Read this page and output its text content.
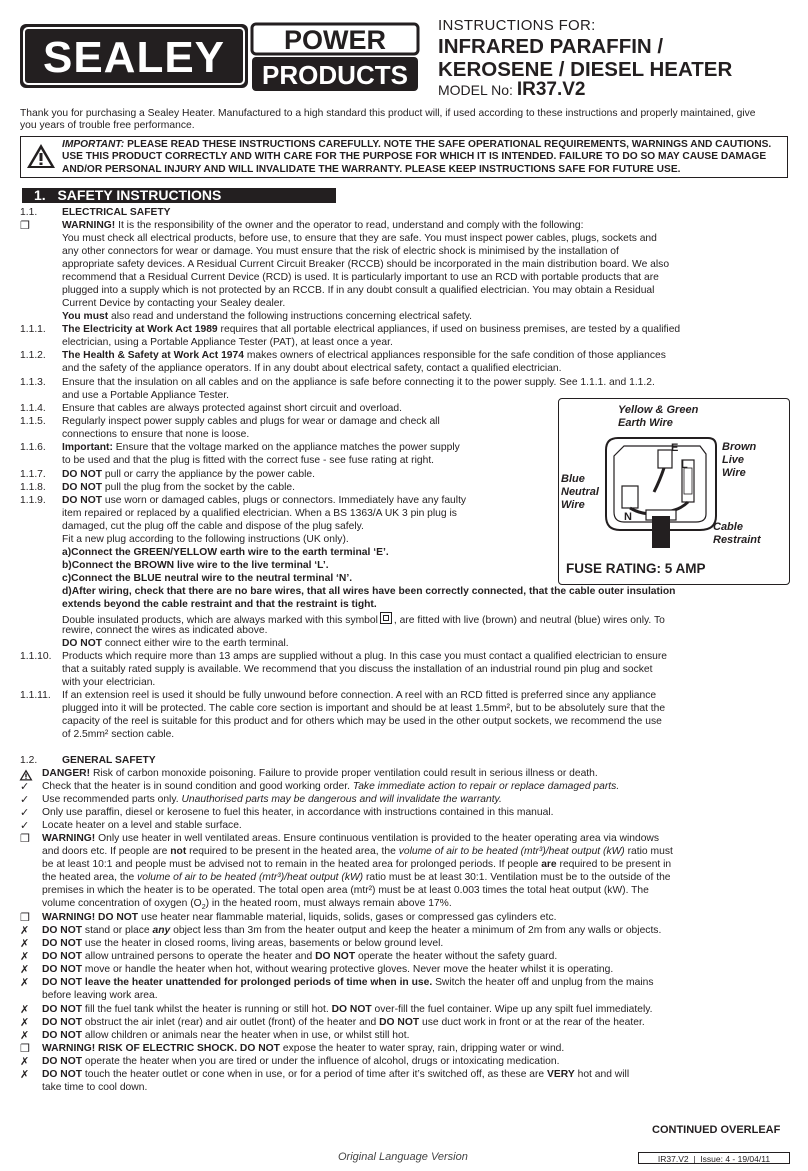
SEALEY POWER
PRODUCTS
INSTRUCTIONS FOR:
INFRARED PARAFFIN /
KEROSENE / DIESEL HEATER
MODEL No: IR37.V2
Thank you for purchasing a Sealey Heater. Manufactured to a high standard this product will, if used according to these instructions and properly maintained, give
you years of trouble free performance.
IMPORTANT: PLEASE READ THESE INSTRUCTIONS CAREFULLY. NOTE THE SAFE OPERATIONAL REQUIREMENTS, WARNINGS AND CAUTIONS.
USE THIS PRODUCT CORRECTLY AND WITH CARE FOR THE PURPOSE FOR WHICH IT IS INTENDED. FAILURE TO DO SO MAY CAUSE DAMAGE
AND/OR PERSONAL INJURY AND WILL INVALIDATE THE WARRANTY. PLEASE KEEP INSTRUCTIONS SAFE FOR FUTURE USE.
1. SAFETY INSTRUCTIONS
1.1. ELECTRICAL SAFETY
❐	WARNING! It is the responsibility of the owner and the operator to read, understand and comply with the following:
You must check all electrical products, before use, to ensure that they are safe. You must inspect power cables, plugs, sockets and
any other connectors for wear or damage. You must ensure that the risk of electric shock is minimised by the installation of
appropriate safety devices. A Residual Current Circuit Breaker (RCCB) should be incorporated in the main distribution board. We also
recommend that a Residual Current Device (RCD) is used. It is particularly important to use an RCD with portable products that are
plugged into a supply which is not protected by an RCCB. If in any doubt consult a qualified electrician. You may obtain a Residual
Current Device by contacting your Sealey dealer.
You must also read and understand the following instructions concerning electrical safety.
1.1.1. The Electricity at Work Act 1989 requires that all portable electrical appliances, if used on business premises, are tested by a qualified
electrician, using a Portable Appliance Tester (PAT), at least once a year.
1.1.2. The Health & Safety at Work Act 1974 makes owners of electrical appliances responsible for the safe condition of those appliances
and the safety of the appliance operators. If in any doubt about electrical safety, contact a qualified electrician.
1.1.3. Ensure that the insulation on all cables and on the appliance is safe before connecting it to the power supply. See 1.1.1. and 1.1.2.
and use a Portable Appliance Tester.
1.1.4. Ensure that cables are always protected against short circuit and overload.
1.1.5. Regularly inspect power supply cables and plugs for wear or damage and check all
connections to ensure that none is loose.
1.1.6. Important: Ensure that the voltage marked on the appliance matches the power supply
to be used and that the plug is fitted with the correct fuse - see fuse rating at right.
1.1.7. DO NOT pull or carry the appliance by the power cable.
1.1.8. DO NOT pull the plug from the socket by the cable.
1.1.9. DO NOT use worn or damaged cables, plugs or connectors. Immediately have any faulty
item repaired or replaced by a qualified electrician. When a BS 1363/A UK 3 pin plug is
damaged, cut the plug off the cable and dispose of the plug safely.
Fit a new plug according to the following instructions (UK only).
a)Connect the GREEN/YELLOW earth wire to the earth terminal ‘E’.
b)Connect the BROWN live wire to the live terminal ‘L’.
c)Connect the BLUE neutral wire to the neutral terminal ‘N’.
d)After wiring, check that there are no bare wires, that all wires have been correctly connected, that the cable outer insulation
extends beyond the cable restraint and that the restraint is tight.
Double insulated products, which are always marked with this symbol , are fitted with live (brown) and neutral (blue) wires only. To
rewire, connect the wires as indicated above.
DO NOT connect either wire to the earth terminal.
1.1.10. Products which require more than 13 amps are supplied without a plug. In this case you must contact a qualified electrician to ensure
that a suitably rated supply is available. We recommend that you discuss the installation of an industrial round pin plug and socket
with your electrician.
1.1.11. If an extension reel is used it should be fully unwound before connection. A reel with an RCD fitted is preferred since any appliance
plugged into it will be protected. The cable core section is important and should be at least 1.5mm², but to be absolutely sure that the
capacity of the reel is suitable for this product and for others which may be used in the other output sockets, we recommend the use
of 2.5mm² section cable.
Yellow & Green
Earth Wire
Brown
Live
Wire
Blue
Neutral
Wire
Cable
Restraint
E
L
N
FUSE RATING: 5 AMP
1.2. GENERAL SAFETY
DANGER! Risk of carbon monoxide poisoning. Failure to provide proper ventilation could result in serious illness or death.
✓ Check that the heater is in sound condition and good working order. Take immediate action to repair or replace damaged parts.
✓ Use recommended parts only. Unauthorised parts may be dangerous and will invalidate the warranty.
✓ Only use paraffin, diesel or kerosene to fuel this heater, in accordance with instructions contained in this manual.
✓ Locate heater on a level and stable surface.
❐ WARNING! Only use heater in well ventilated areas. Ensure continuous ventilation is provided to the heater operating area via windows
and doors etc. If people are not required to be present in the heated area, the volume of air to be heated (mtr³)/heat output (kW) ratio must
be at least 10:1 and people must be advised not to remain in the heated area for prolonged periods. If people are required to be present in
the heated area, the volume of air to be heated (mtr³)/heat output (kW) ratio must be at least 30:1. Ventilation must be to the outside of the
premises in which the heater is to be operated. The total open area (mtr²) must be at least 0.003 times the total heat output (kW). The
volume concentration of oxygen $(O_2)$ in the heated room, must always remain above 17%.
❐ WARNING! DO NOT use heater near flammable material, liquids, solids, gases or compressed gas cylinders etc.
✗ DO NOT stand or place any object less than 3m from the heater output and keep the heater a minimum of 2m from any walls or objects.
✗ DO NOT use the heater in closed rooms, living areas, basements or below ground level.
✗ DO NOT allow untrained persons to operate the heater and DO NOT operate the heater without the safety guard.
✗ DO NOT move or handle the heater when hot, without wearing protective gloves. Never move the heater whilst it is operating.
✗ DO NOT leave the heater unattended for prolonged periods of time when in use. Switch the heater off and unplug from the mains
before leaving work area.
✗ DO NOT fill the fuel tank whilst the heater is running or still hot. DO NOT over-fill the fuel container. Wipe up any spilt fuel immediately.
✗ DO NOT obstruct the air inlet (rear) and air outlet (front) of the heater and DO NOT use duct work in front or at the rear of the heater.
✗ DO NOT allow children or animals near the heater when in use, or whilst still hot.
❐ WARNING! RISK OF ELECTRIC SHOCK. DO NOT expose the heater to water spray, rain, dripping water or wind.
✗ DO NOT operate the heater when you are tired or under the influence of alcohol, drugs or intoxicating medication.
✗ DO NOT touch the heater outlet or cone when in use, or for a period of time after it’s switched off, as these are VERY hot and will
take time to cool down.
CONTINUED OVERLEAF
Original Language Version	IR37.V2  |  Issue: 4 - 19/04/11
